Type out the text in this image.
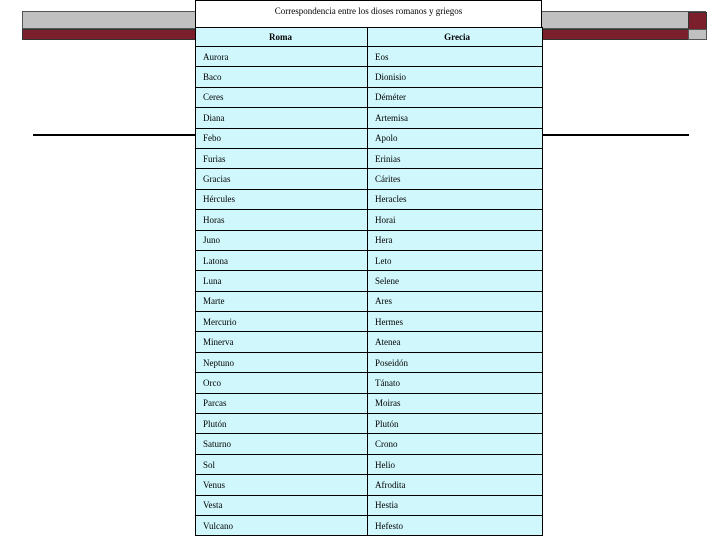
Correspondencia entre los dioses romanos y griegos
Roma	Grecia
Aurora	Eos
Baco	Dionisio
Ceres	Déméter
Diana	Artemisa
Febo	Apolo
Furias	Erinias
Gracias	Cárites
Hércules	Heracles
Horas	Horai
Juno	Hera
Latona	Leto
Luna	Selene
Marte	Ares
Mercurio	Hermes
Minerva	Atenea
Neptuno	Poseidón
Orco	Tánato
Parcas	Moiras
Plutón	Plutón
Saturno	Crono
Sol	Helio
Venus	Afrodita
Vesta	Hestia
Vulcano	Hefesto
